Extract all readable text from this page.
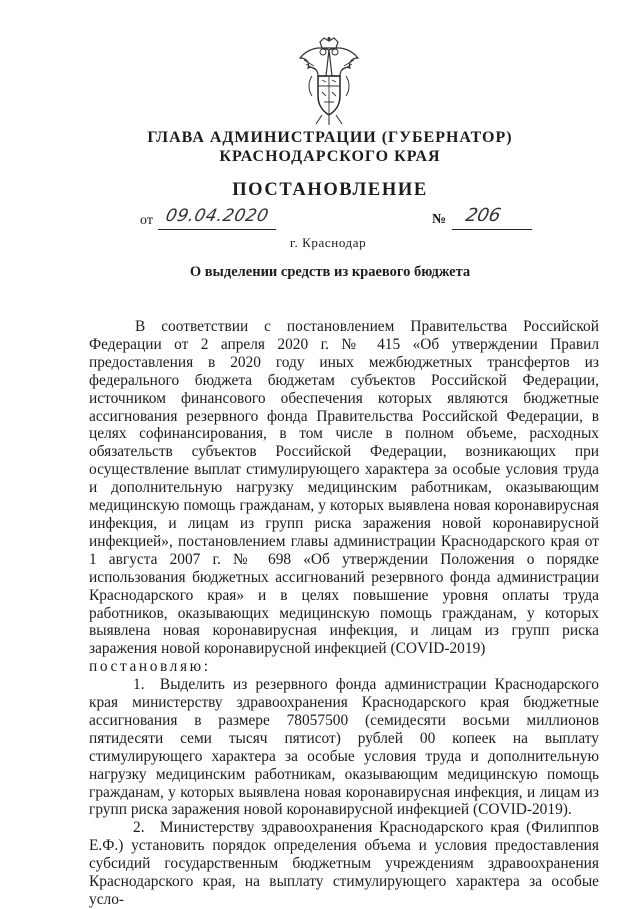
ГЛАВА АДМИНИСТРАЦИИ (ГУБЕРНАТОР)
КРАСНОДАРСКОГО КРАЯ
ПОСТАНОВЛЕНИЕ
от 09.04.2020	№ 206
г. Краснодар
О выделении средств из краевого бюджета

В соответствии с постановлением Правительства Российской Федерации от 2 апреля 2020 г. № 415 «Об утверждении Правил предоставления в 2020 году иных межбюджетных трансфертов из федерального бюджета бюджетам субъектов Российской Федерации, источником финансового обеспечения которых являются бюджетные ассигнования резервного фонда Правительства Российской Федерации, в целях софинансирования, в том числе в полном объеме, расходных обязательств субъектов Российской Федерации, возникающих при осуществление выплат стимулирующего характера за особые условия труда и дополнительную нагрузку медицинским работникам, оказывающим медицинскую помощь гражданам, у которых выявлена новая коронавирусная инфекция, и лицам из групп риска заражения новой коронавирусной инфекцией», постановлением главы администрации Краснодарского края от 1 августа 2007 г. № 698 «Об утверждении Положения о порядке использования бюджетных ассигнований резервного фонда администрации Краснодарского края» и в целях повышение уровня оплаты труда работников, оказывающих медицинскую помощь гражданам, у которых выявлена новая коронавирусная инфекция, и лицам из групп риска заражения новой коронавирусной инфекцией (COVID-2019)

постановляю:

1. Выделить из резервного фонда администрации Краснодарского края министерству здравоохранения Краснодарского края бюджетные ассигнования в размере 78057500 (семидесяти восьми миллионов пятидесяти семи тысяч пятисот) рублей 00 копеек на выплату стимулирующего характера за особые условия труда и дополнительную нагрузку медицинским работникам, оказывающим медицинскую помощь гражданам, у которых выявлена новая коронавирусная инфекция, и лицам из групп риска заражения новой коронавирусной инфекцией (COVID-2019).

2. Министерству здравоохранения Краснодарского края (Филиппов Е.Ф.) установить порядок определения объема и условия предоставления субсидий государственным бюджетным учреждениям здравоохранения Краснодарского края, на выплату стимулирующего характера за особые усло-
